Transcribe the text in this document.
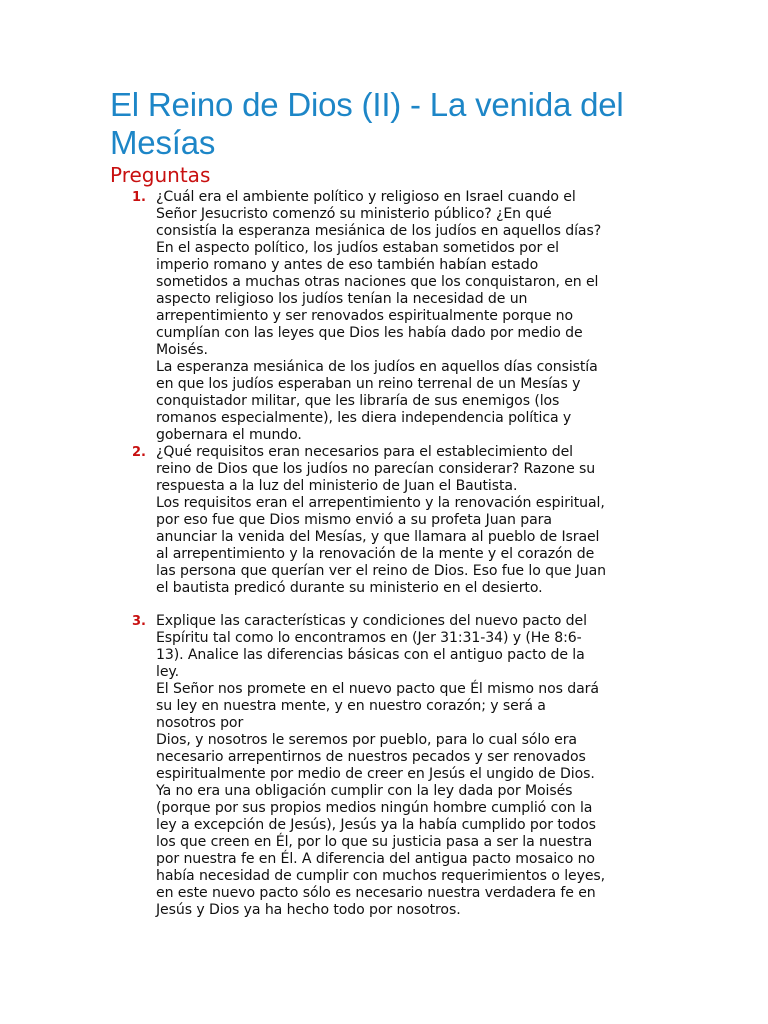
El Reino de Dios (II) - La venida del Mesías
Preguntas
1. ¿Cuál era el ambiente político y religioso en Israel cuando el
Señor Jesucristo comenzó su ministerio público? ¿En qué
consistía la esperanza mesiánica de los judíos en aquellos días?
En el aspecto político, los judíos estaban sometidos por el
imperio romano y antes de eso también habían estado
sometidos a muchas otras naciones que los conquistaron, en el
aspecto religioso los judíos tenían la necesidad de un
arrepentimiento y ser renovados espiritualmente porque no
cumplían con las leyes que Dios les había dado por medio de
Moisés.
La esperanza mesiánica de los judíos en aquellos días consistía
en que los judíos esperaban un reino terrenal de un Mesías y
conquistador militar, que les libraría de sus enemigos (los
romanos especialmente), les diera independencia política y
gobernara el mundo.
2. ¿Qué requisitos eran necesarios para el establecimiento del
reino de Dios que los judíos no parecían considerar? Razone su
respuesta a la luz del ministerio de Juan el Bautista.
Los requisitos eran el arrepentimiento y la renovación espiritual,
por eso fue que Dios mismo envió a su profeta Juan para
anunciar la venida del Mesías, y que llamara al pueblo de Israel
al arrepentimiento y la renovación de la mente y el corazón de
las persona que querían ver el reino de Dios. Eso fue lo que Juan
el bautista predicó durante su ministerio en el desierto.
3. Explique las características y condiciones del nuevo pacto del
Espíritu tal como lo encontramos en (Jer 31:31-34) y (He 8:6-
13). Analice las diferencias básicas con el antiguo pacto de la
ley.
El Señor nos promete en el nuevo pacto que Él mismo nos dará
su ley en nuestra mente, y en nuestro corazón; y será a
nosotros por
Dios, y nosotros le seremos por pueblo, para lo cual sólo era
necesario arrepentirnos de nuestros pecados y ser renovados
espiritualmente por medio de creer en Jesús el ungido de Dios.
Ya no era una obligación cumplir con la ley dada por Moisés
(porque por sus propios medios ningún hombre cumplió con la
ley a excepción de Jesús), Jesús ya la había cumplido por todos
los que creen en Él, por lo que su justicia pasa a ser la nuestra
por nuestra fe en Él. A diferencia del antigua pacto mosaico no
había necesidad de cumplir con muchos requerimientos o leyes,
en este nuevo pacto sólo es necesario nuestra verdadera fe en
Jesús y Dios ya ha hecho todo por nosotros.
